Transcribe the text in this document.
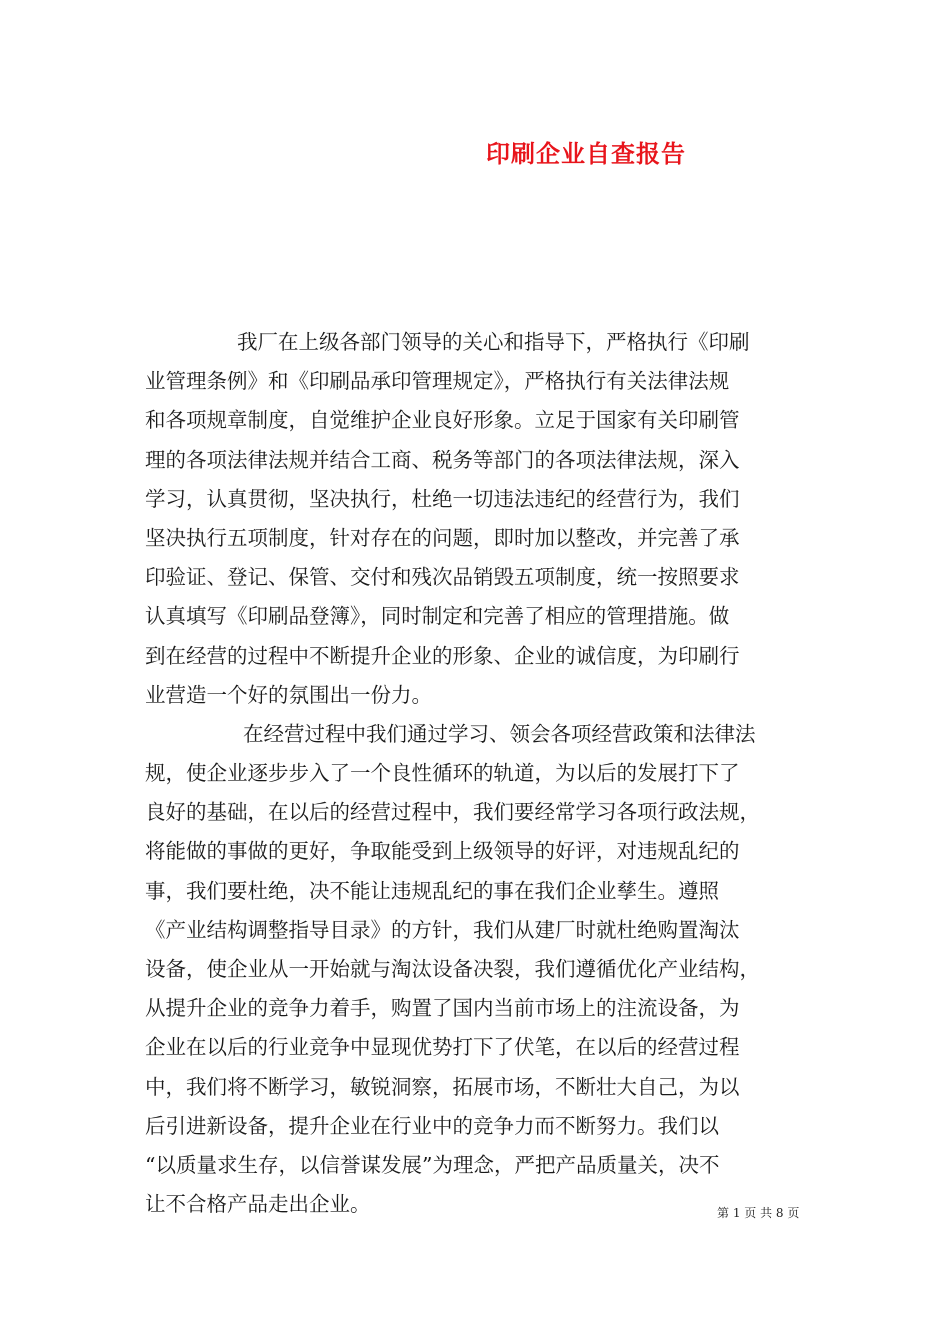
印刷企业自查报告
我厂在上级各部门领导的关心和指导下，严格执行《印刷
业管理条例》和《印刷品承印管理规定》，严格执行有关法律法规
和各项规章制度，自觉维护企业良好形象。立足于国家有关印刷管
理的各项法律法规并结合工商、税务等部门的各项法律法规，深入
学习，认真贯彻，坚决执行，杜绝一切违法违纪的经营行为，我们
坚决执行五项制度，针对存在的问题，即时加以整改，并完善了承
印验证、登记、保管、交付和残次品销毁五项制度，统一按照要求
认真填写《印刷品登簿》，同时制定和完善了相应的管理措施。做
到在经营的过程中不断提升企业的形象、企业的诚信度，为印刷行
业营造一个好的氛围出一份力。
在经营过程中我们通过学习、领会各项经营政策和法律法
规，使企业逐步步入了一个良性循环的轨道，为以后的发展打下了
良好的基础，在以后的经营过程中，我们要经常学习各项行政法规，
将能做的事做的更好，争取能受到上级领导的好评，对违规乱纪的
事，我们要杜绝，决不能让违规乱纪的事在我们企业孳生。遵照
《产业结构调整指导目录》的方针，我们从建厂时就杜绝购置淘汰
设备，使企业从一开始就与淘汰设备决裂，我们遵循优化产业结构，
从提升企业的竞争力着手，购置了国内当前市场上的注流设备，为
企业在以后的行业竞争中显现优势打下了伏笔，在以后的经营过程
中，我们将不断学习，敏锐洞察，拓展市场，不断壮大自己，为以
后引进新设备，提升企业在行业中的竞争力而不断努力。我们以
“以质量求生存，以信誉谋发展”为理念，严把产品质量关，决不
让不合格产品走出企业。	第 1 页 共 8 页
